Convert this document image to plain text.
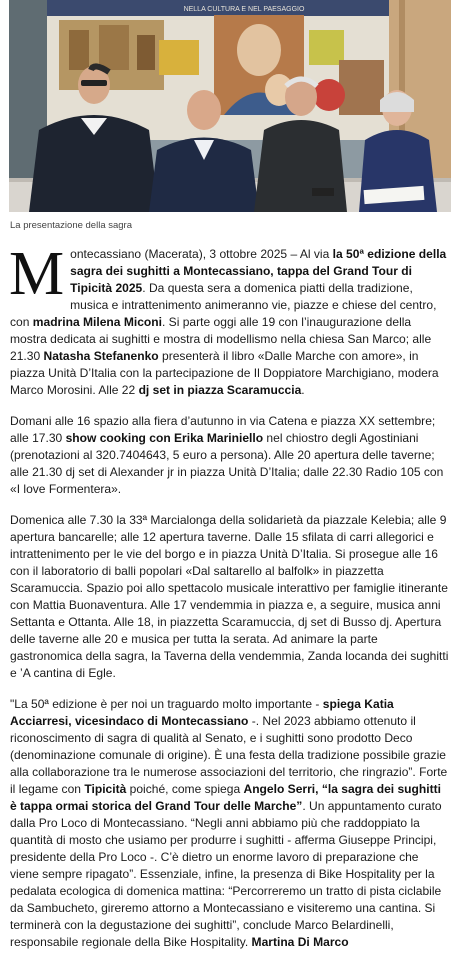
NELLA CULTURA E NEL PAESAGGIO
La presentazione della sagra

Montecassiano (Macerata), 3 ottobre 2025 – Al via la 50ª edizione della sagra dei sughitti a Montecassiano, tappa del Grand Tour di Tipicità 2025. Da questa sera a domenica piatti della tradizione, musica e intrattenimento animeranno vie, piazze e chiese del centro, con madrina Milena Miconi. Si parte oggi alle 19 con l’inaugurazione della mostra dedicata ai sughitti e mostra di modellismo nella chiesa San Marco; alle 21.30 Natasha Stefanenko presenterà il libro «Dalle Marche con amore», in piazza Unità D’Italia con la partecipazione de Il Doppiatore Marchigiano, modera Marco Morosini. Alle 22 dj set in piazza Scaramuccia.

Domani alle 16 spazio alla fiera d’autunno in via Catena e piazza XX settembre; alle 17.30 show cooking con Erika Mariniello nel chiostro degli Agostiniani (prenotazioni al 320.7404643, 5 euro a persona). Alle 20 apertura delle taverne; alle 21.30 dj set di Alexander jr in piazza Unità D’Italia; dalle 22.30 Radio 105 con «I love Formentera».

Domenica alle 7.30 la 33ª Marcialonga della solidarietà da piazzale Kelebia; alle 9 apertura bancarelle; alle 12 apertura taverne. Dalle 15 sfilata di carri allegorici e intrattenimento per le vie del borgo e in piazza Unità D’Italia. Si prosegue alle 16 con il laboratorio di balli popolari «Dal saltarello al balfolk» in piazzetta Scaramuccia. Spazio poi allo spettacolo musicale interattivo per famiglie itinerante con Mattia Buonaventura. Alle 17 vendemmia in piazza e, a seguire, musica anni Settanta e Ottanta. Alle 18, in piazzetta Scaramuccia, dj set di Busso dj. Apertura delle taverne alle 20 e musica per tutta la serata. Ad animare la parte gastronomica della sagra, la Taverna della vendemmia, Zanda locanda dei sughitti e ’A cantina di Egle.

"La 50ª edizione è per noi un traguardo molto importante - spiega Katia Acciarresi, vicesindaco di Montecassiano -. Nel 2023 abbiamo ottenuto il riconoscimento di sagra di qualità al Senato, e i sughitti sono prodotto Deco (denominazione comunale di origine). È una festa della tradizione possibile grazie alla collaborazione tra le numerose associazioni del territorio, che ringrazio”. Forte il legame con Tipicità poiché, come spiega Angelo Serri, “la sagra dei sughitti è tappa ormai storica del Grand Tour delle Marche”. Un appuntamento curato dalla Pro Loco di Montecassiano. “Negli anni abbiamo più che raddoppiato la quantità di mosto che usiamo per produrre i sughitti - afferma Giuseppe Principi, presidente della Pro Loco -. C’è dietro un enorme lavoro di preparazione che viene sempre ripagato”. Essenziale, infine, la presenza di Bike Hospitality per la pedalata ecologica di domenica mattina: “Percorreremo un tratto di pista ciclabile da Sambucheto, gireremo attorno a Montecassiano e visiteremo una cantina. Si terminerà con la degustazione dei sughitti”, conclude Marco Belardinelli, responsabile regionale della Bike Hospitality. Martina Di Marco
